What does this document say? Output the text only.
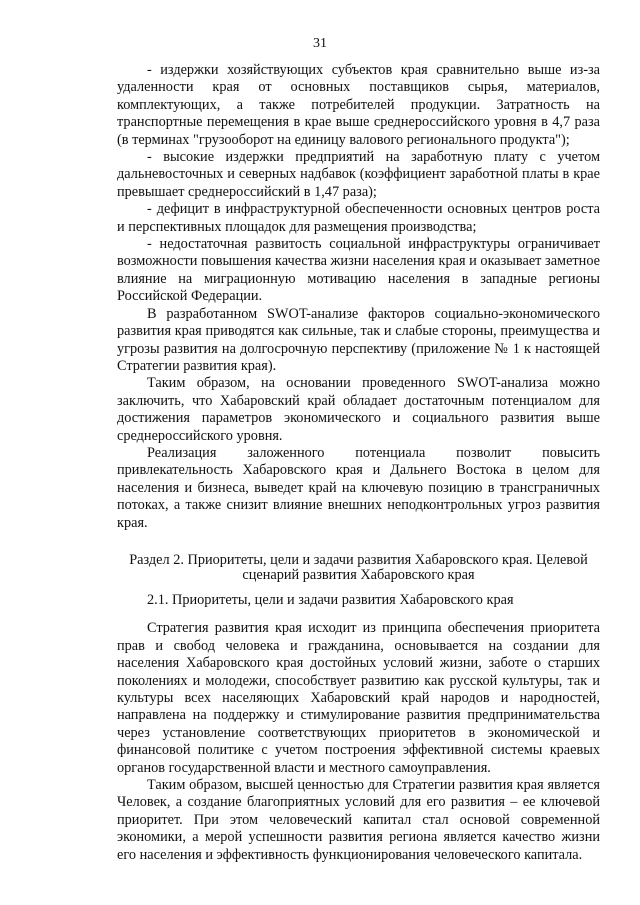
31

- издержки хозяйствующих субъектов края сравнительно выше из-за удаленности края от основных поставщиков сырья, материалов, комплектующих, а также потребителей продукции. Затратность на транспортные перемещения в крае выше среднероссийского уровня в 4,7 раза (в терминах "грузооборот на единицу валового регионального продукта");

- высокие издержки предприятий на заработную плату с учетом дальневосточных и северных надбавок (коэффициент заработной платы в крае превышает среднероссийский в 1,47 раза);

- дефицит в инфраструктурной обеспеченности основных центров роста и перспективных площадок для размещения производства;

- недостаточная развитость социальной инфраструктуры ограничивает возможности повышения качества жизни населения края и оказывает заметное влияние на миграционную мотивацию населения в западные регионы Российской Федерации.

В разработанном SWOT-анализе факторов социально-экономического развития края приводятся как сильные, так и слабые стороны, преимущества и угрозы развития на долгосрочную перспективу (приложение № 1 к настоящей Стратегии развития края).

Таким образом, на основании проведенного SWOT-анализа можно заключить, что Хабаровский край обладает достаточным потенциалом для достижения параметров экономического и социального развития выше среднероссийского уровня.

Реализация заложенного потенциала позволит повысить привлекательность Хабаровского края и Дальнего Востока в целом для населения и бизнеса, выведет край на ключевую позицию в трансграничных потоках, а также снизит влияние внешних неподконтрольных угроз развития края.

Раздел 2. Приоритеты, цели и задачи развития Хабаровского края. Целевой сценарий развития Хабаровского края
2.1. Приоритеты, цели и задачи развития Хабаровского края

Стратегия развития края исходит из принципа обеспечения приоритета прав и свобод человека и гражданина, основывается на создании для населения Хабаровского края достойных условий жизни, заботе о старших поколениях и молодежи, способствует развитию как русской культуры, так и культуры всех населяющих Хабаровский край народов и народностей, направлена на поддержку и стимулирование развития предпринимательства через установление соответствующих приоритетов в экономической и финансовой политике с учетом построения эффективной системы краевых органов государственной власти и местного самоуправления.

Таким образом, высшей ценностью для Стратегии развития края является Человек, а создание благоприятных условий для его развития – ее ключевой приоритет. При этом человеческий капитал стал основой современной экономики, а мерой успешности развития региона является качество жизни его населения и эффективность функционирования человеческого капитала.
